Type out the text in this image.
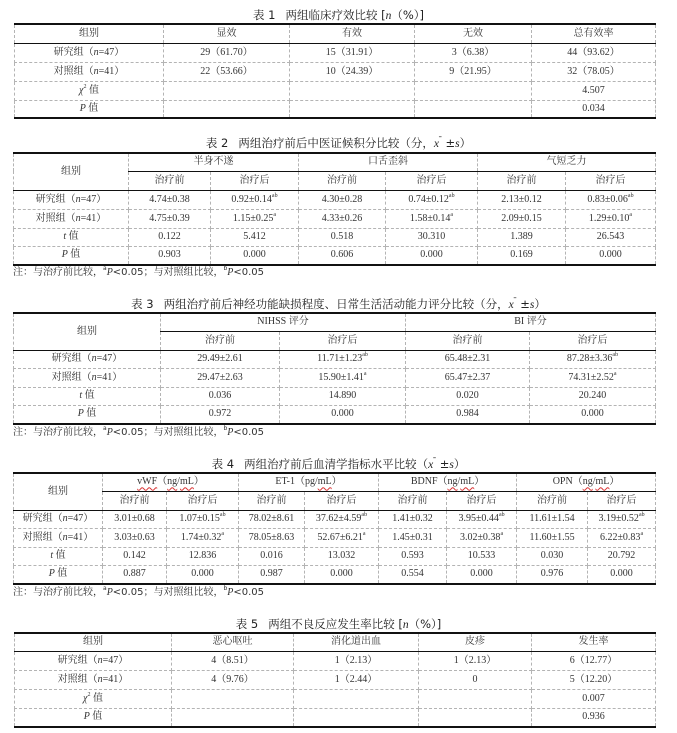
表 1 两组临床疗效比较 [n（%）]
组别	显效	有效	无效	总有效率
研究组（n=47）	29（61.70）	15（31.91）	3（6.38）	44（93.62）
对照组（n=41）	22（53.66）	10（24.39）	9（21.95）	32（78.05）
$\chi^2$ 值				4.507
P 值				0.034
表 2 两组治疗前后中医证候积分比较（分，x¯ ±s）
组别	半身不遂		口舌歪斜		气短乏力	
	治疗前	治疗后	治疗前	治疗后	治疗前	治疗后
研究组（n=47）	4.74±0.38	0.92±0.14$^{ab}$	4.30±0.28	0.74±0.12$^{ab}$	2.13±0.12	0.83±0.06$^{ab}$
对照组（n=41）	4.75±0.39	1.15±0.25$^a$	4.33±0.26	1.58±0.14$^a$	2.09±0.15	1.29±0.10$^a$
t 值	0.122	5.412	0.518	30.310	1.389	26.543
P 值	0.903	0.000	0.606	0.000	0.169	0.000
注：与治疗前比较，$^a$P<0.05；与对照组比较，$^b$P<0.05
表 3 两组治疗前后神经功能缺损程度、日常生活活动能力评分比较（分，x¯ ±s）
组别	NIHSS 评分		BI 评分	
	治疗前	治疗后	治疗前	治疗后
研究组（n=47）	29.49±2.61	11.71±1.23$^{ab}$	65.48±2.31	87.28±3.36$^{ab}$
对照组（n=41）	29.47±2.63	15.90±1.41$^a$	65.47±2.37	74.31±2.52$^a$
t 值	0.036	14.890	0.020	20.240
P 值	0.972	0.000	0.984	0.000
注：与治疗前比较，$^a$P<0.05；与对照组比较，$^b$P<0.05
表 4 两组治疗前后血清学指标水平比较（x¯ ±s）
组别	vWF（ng/mL）		ET-1（pg/mL）		BDNF（ng/mL）		OPN（ng/mL）	
	治疗前	治疗后	治疗前	治疗后	治疗前	治疗后	治疗前	治疗后
研究组（n=47）	3.01±0.68	1.07±0.15$^{ab}$	78.02±8.61	37.62±4.59$^{ab}$	1.41±0.32	3.95±0.44$^{ab}$	11.61±1.54	3.19±0.52$^{ab}$
对照组（n=41）	3.03±0.63	1.74±0.32$^a$	78.05±8.63	52.67±6.21$^a$	1.45±0.31	3.02±0.38$^a$	11.60±1.55	6.22±0.83$^a$
t 值	0.142	12.836	0.016	13.032	0.593	10.533	0.030	20.792
P 值	0.887	0.000	0.987	0.000	0.554	0.000	0.976	0.000
注：与治疗前比较，$^a$P<0.05；与对照组比较，$^b$P<0.05
表 5 两组不良反应发生率比较 [n（%）]
组别	恶心呕吐	消化道出血	皮疹	发生率
研究组（n=47）	4（8.51）	1（2.13）	1（2.13）	6（12.77）
对照组（n=41）	4（9.76）	1（2.44）	0	5（12.20）
$\chi^2$ 值				0.007
P 值				0.936
